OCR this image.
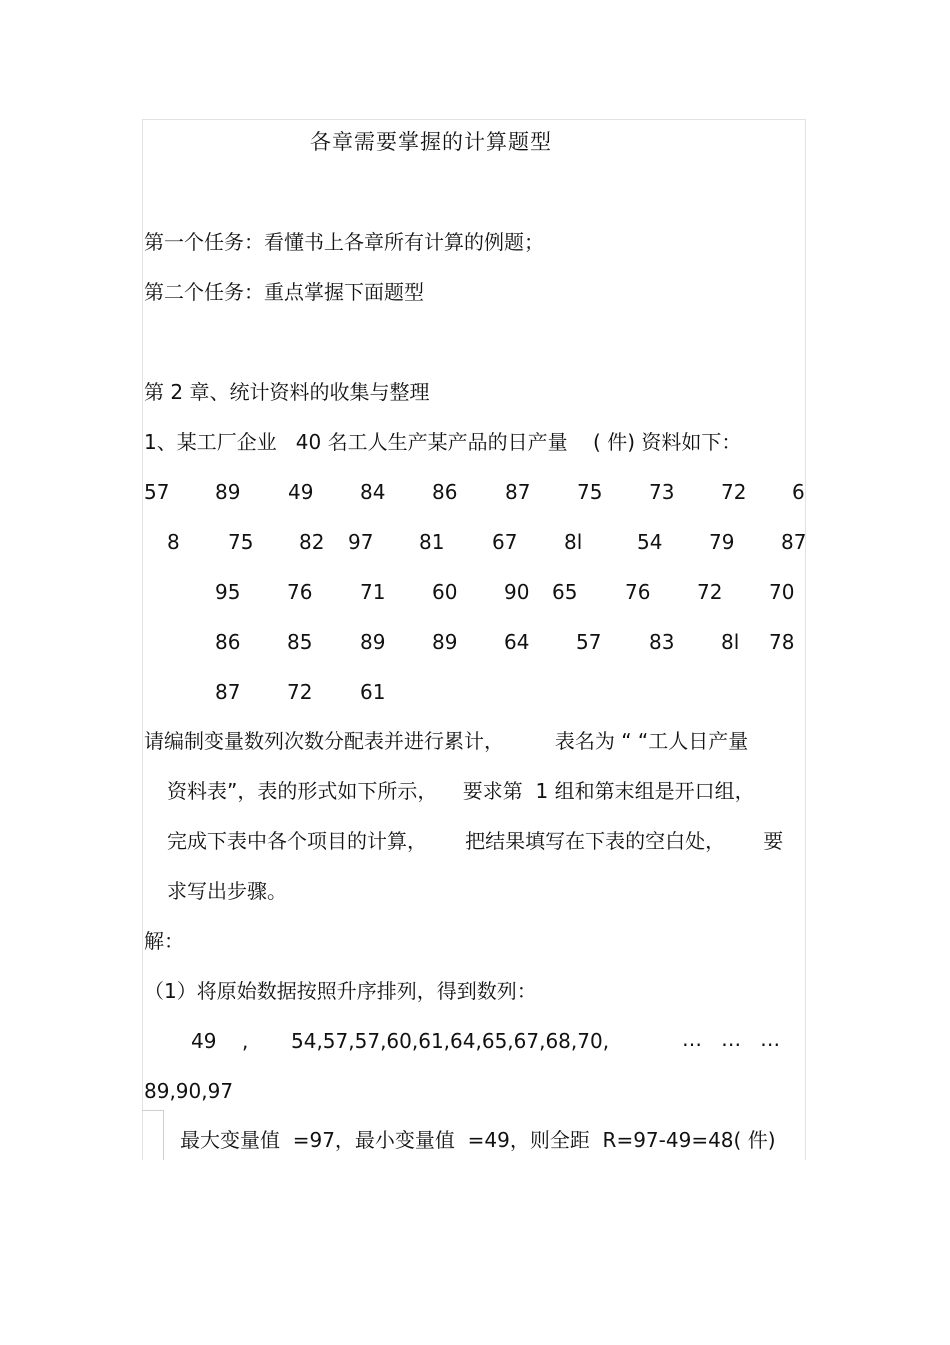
各章需要掌握的计算题型
第一个任务：看懂书上各章所有计算的例题；
第二个任务：重点掌握下面题型
第 2 章、统计资料的收集与整理
1、某工厂企业   40 名工人生产某产品的日产量    ( 件) 资料如下：
57 89 49 84 86 87 75 73 72 6
8 75 82 97 81 67 8l	54 79 87
95 76 71 60 90 65 76 72 70
86 85 89 89 64 57 83 8l 78
87 72 61
请编制变量数列次数分配表并进行累计，        表名为 “ “工人日产量
资料表”，表的形式如下所示，    要求第  1 组和第末组是开口组，
完成下表中各个项目的计算，      把结果填写在下表的空白处，      要
求写出步骤。
解：
（1）将原始数据按照升序排列，得到数列：
49 , 54,57,57,60,61,64,65,67,68,70,	…   …   …
89,90,97
最大变量值  =97，最小变量值  =49，则全距  R=97-49=48( 件)
